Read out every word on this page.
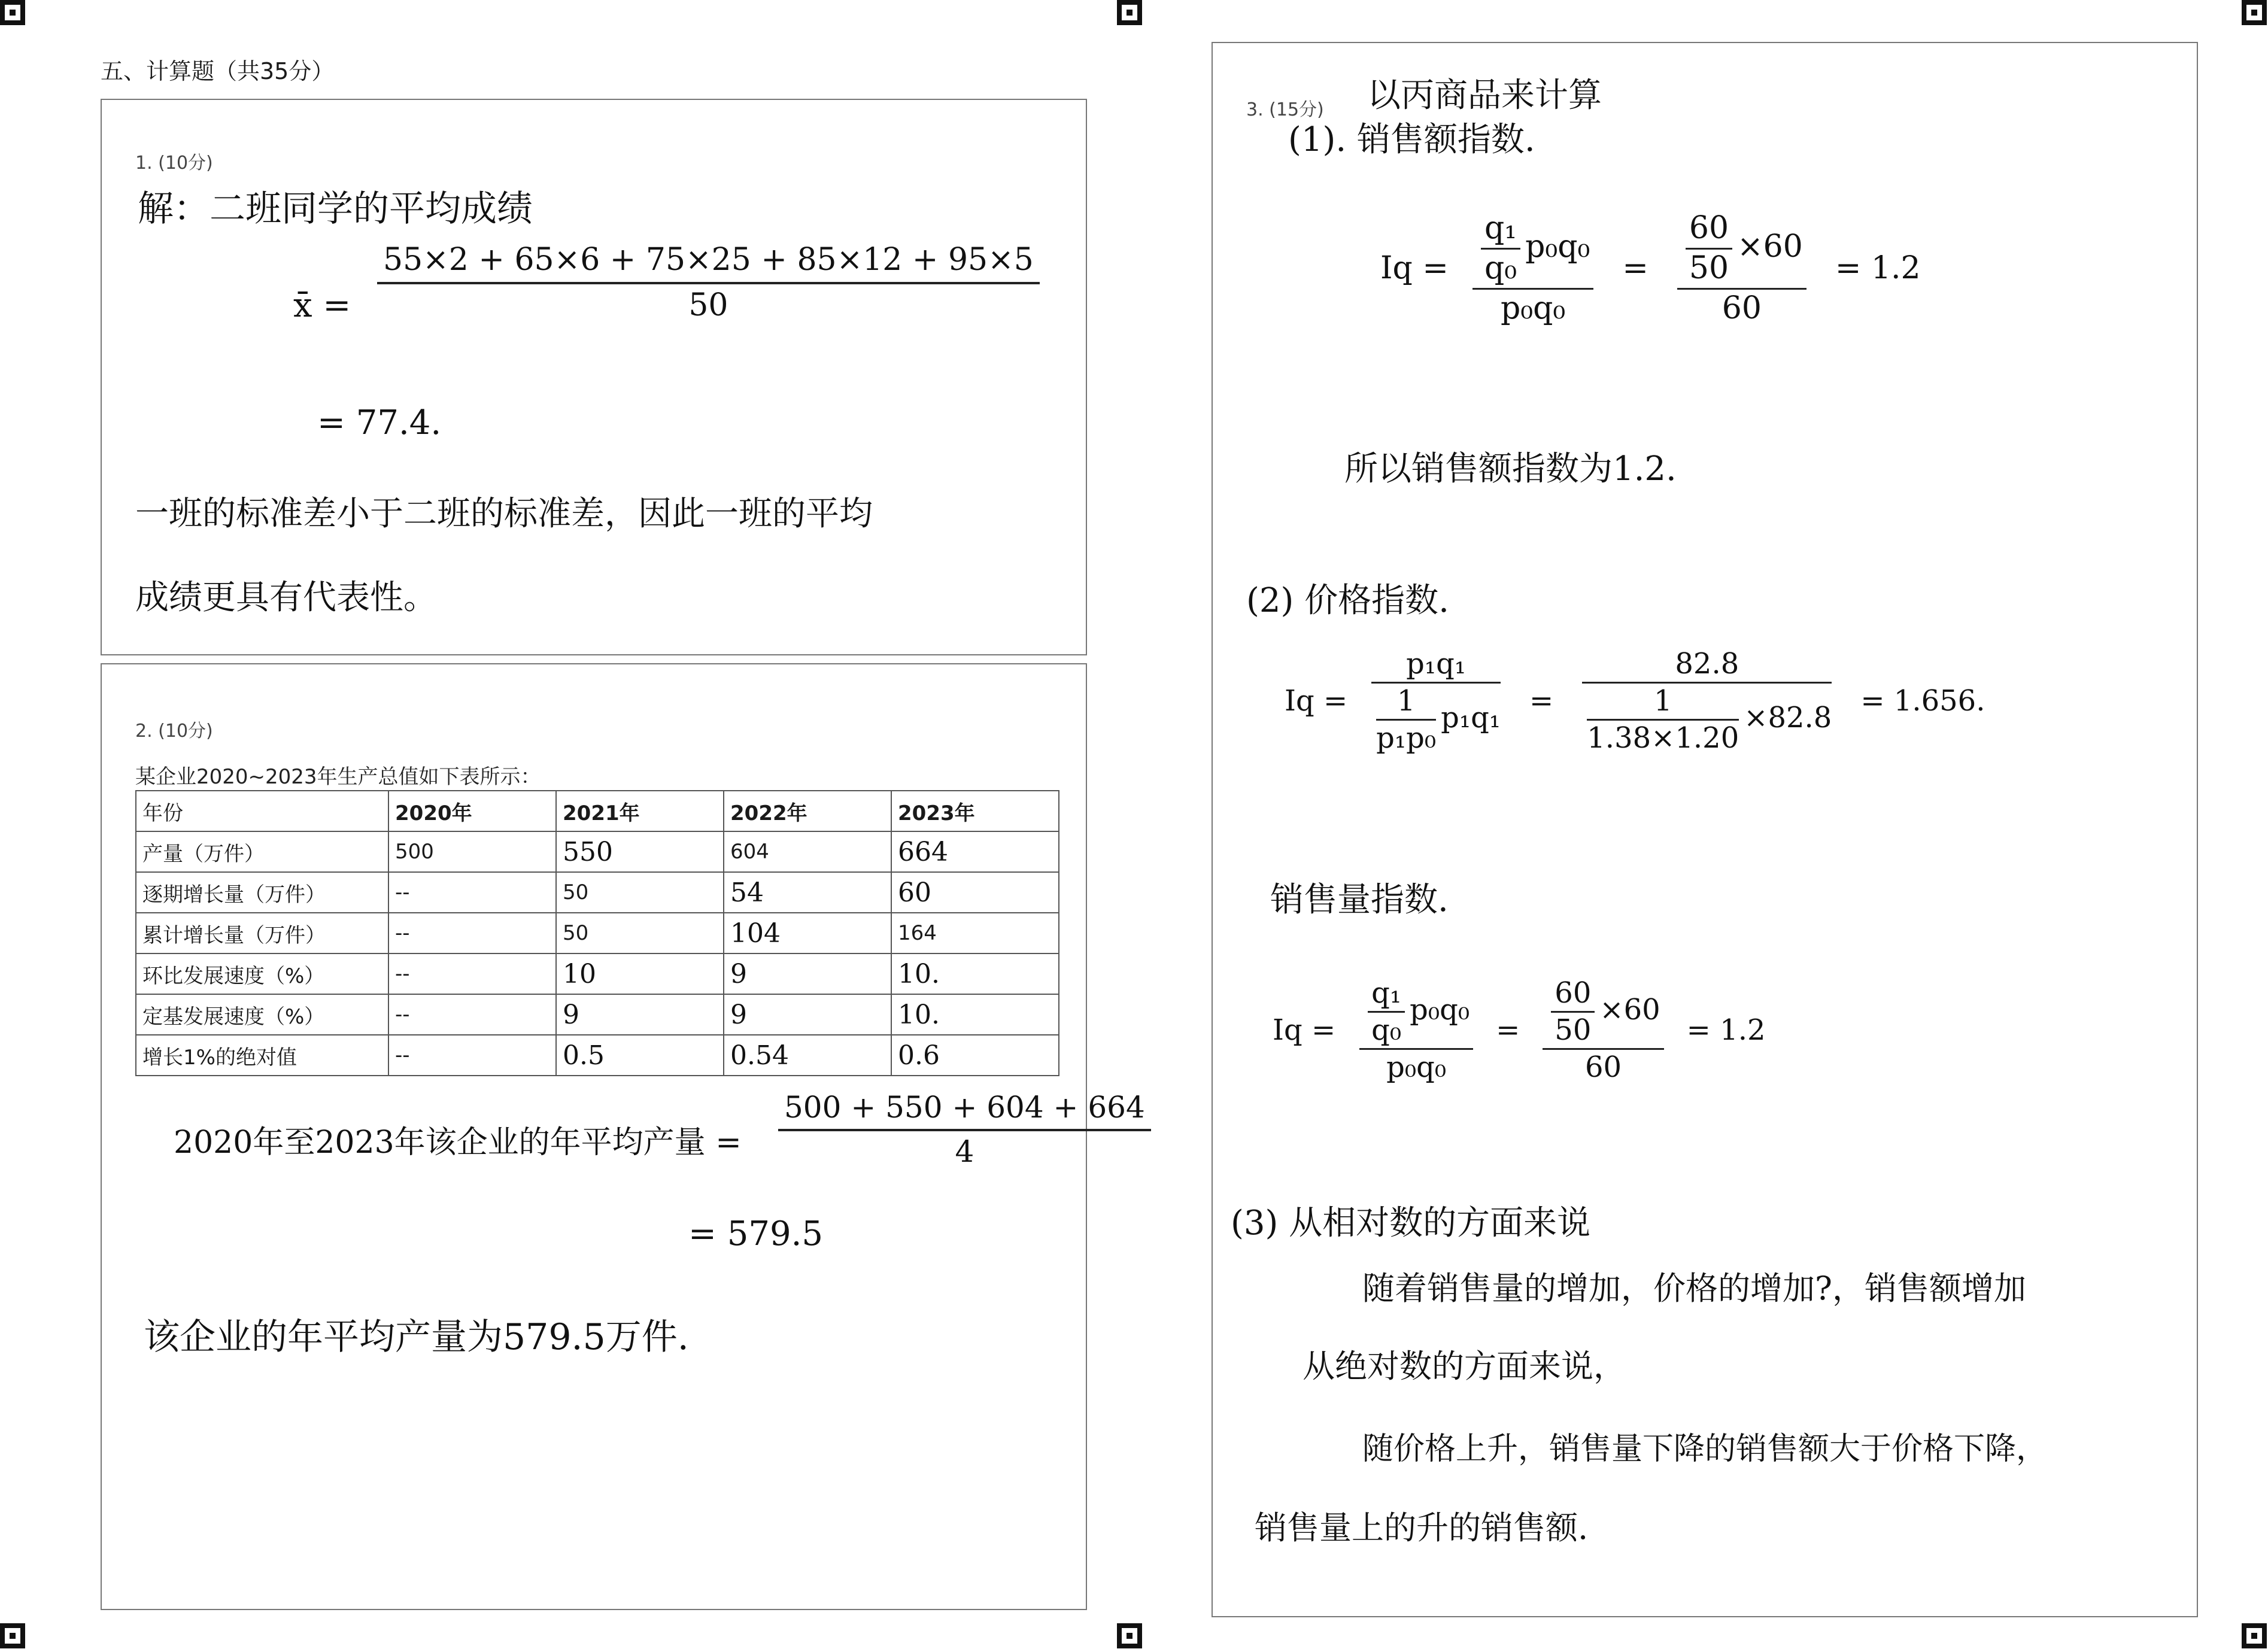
五、计算题（共35分）
1. (10分)
解：二班同学的平均成绩
x̄ = $\frac{55\times 2 + 65\times 6 + 75\times 25 + 85\times 12 + 95\times 5}{50}$
= 77.4.
一班的标准差小于二班的标准差，因此一班的平均
成绩更具有代表性。
2. (10分)
某企业2020~2023年生产总值如下表所示：
年份	2020年	2021年	2022年	2023年
产量（万件）	500	550	604	664
逐期增长量（万件）	--	50	54	60
累计增长量（万件）	--	50	104	164
环比发展速度（%）	--	10	9	10.
定基发展速度（%）	--	9	9	10.
增长1%的绝对值	--	0.5	0.54	0.6
2020年至2023年该企业的年平均产量 = $\frac{500 + 550 + 604 + 664}{4}$
= 579.5
该企业的年平均产量为579.5万件.
3. (15分) 以丙商品来计算
(1). 销售额指数.
$Iq = \frac{\frac{\text{q₁}}{\text{q₀}} p_0q_0}{\text{p₀q₀}} = \frac{\frac{60}{50} \times 60}{60} = 1.2$
所以销售额指数为1.2.
(2) 价格指数.
$Iq = \frac{\text{p₁q₁}}{\frac{1}{\text{p₁p₀}} p_1q_1} = \frac{82.8}{\frac{1}{1.38\times 1.20} \times 82.8} = 1.656$.
销售量指数.
$Iq = \frac{\frac{\text{q₁}}{\text{q₀}} p_0q_0}{\text{p₀q₀}} = \frac{\frac{60}{50} \times 60}{60} = 1.2$
(3) 从相对数的方面来说
随着销售量的增加，价格的增加?，销售额增加
从绝对数的方面来说，
随价格上升，销售量下降的销售额大于价格下降，
销售量上的升的销售额.
